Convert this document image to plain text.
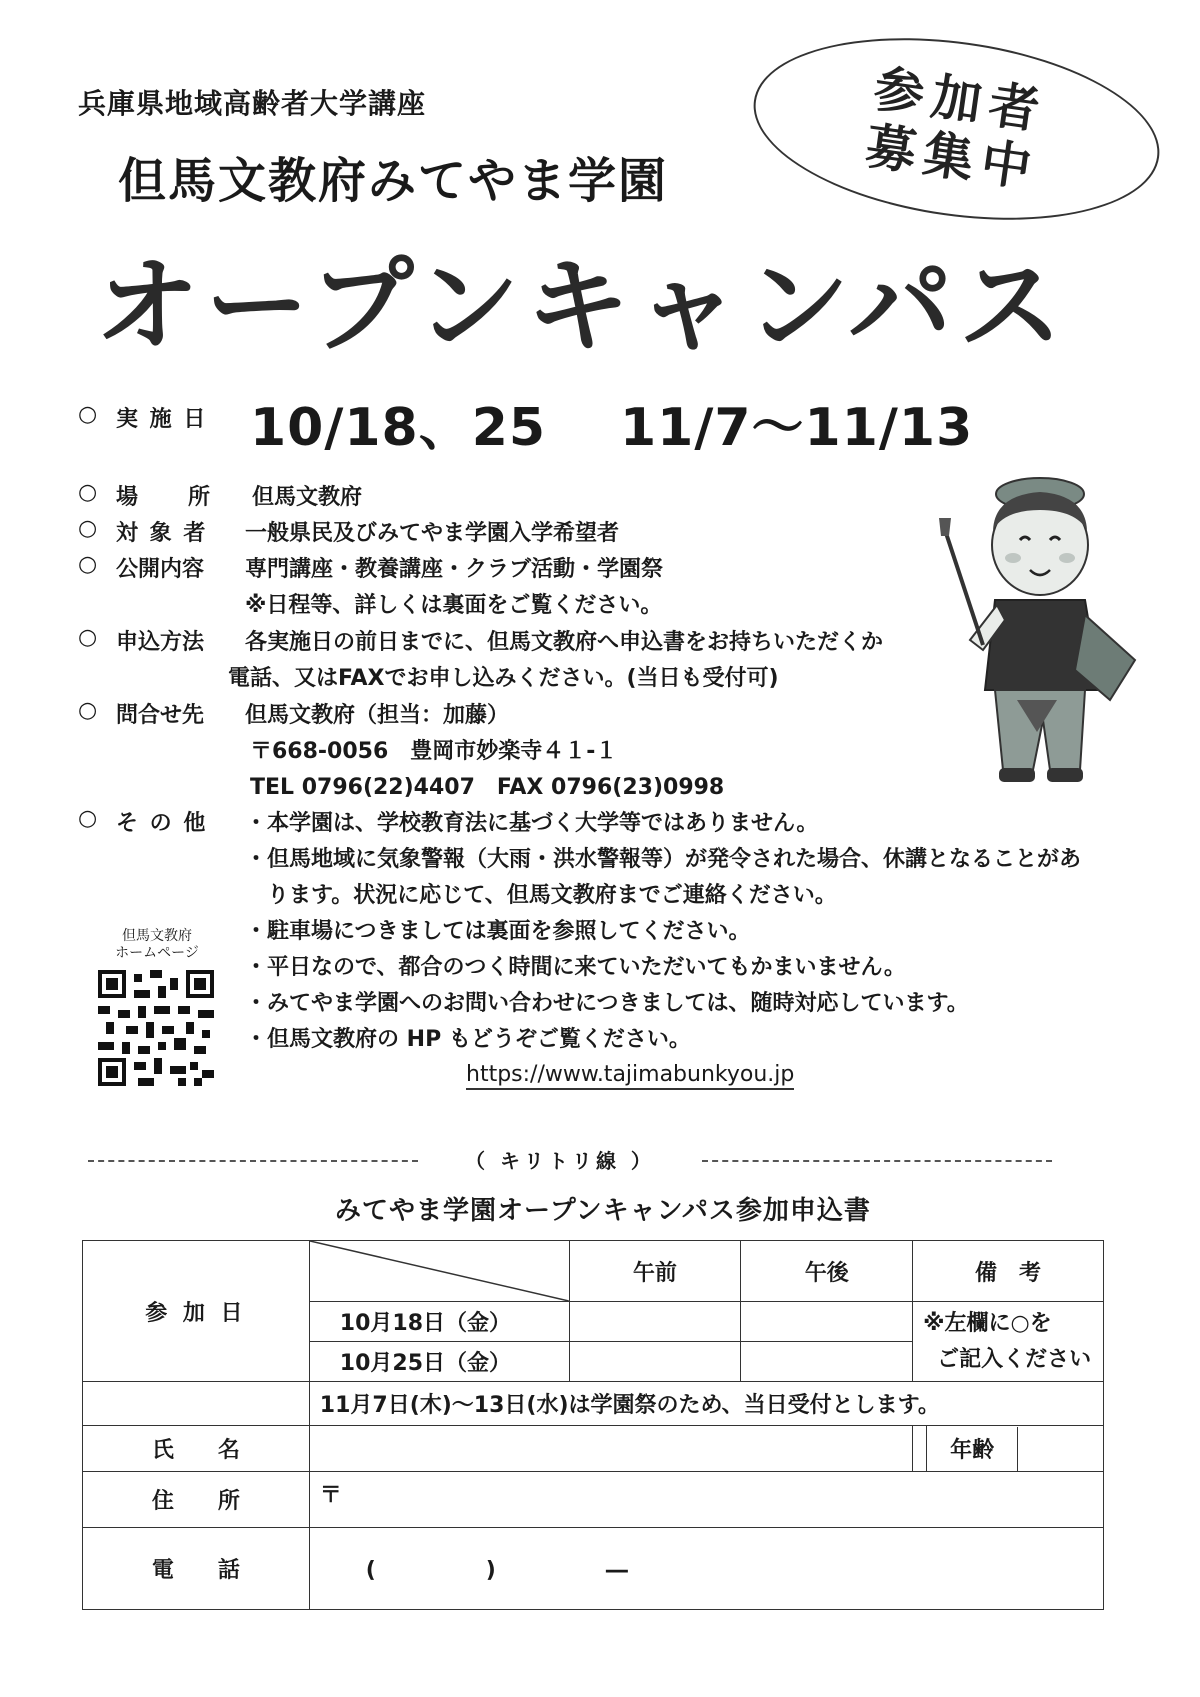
兵庫県地域高齢者大学講座
但馬文教府みてやま学園
オープンキャンパス
参加者
募集中
○ 実 施 日 10/18、25 11/7～11/13
○ 場　　所 但馬文教府
○ 対 象 者 一般県民及びみてやま学園入学希望者
○ 公開内容 専門講座・教養講座・クラブ活動・学園祭
※日程等、詳しくは裏面をご覧ください。
○ 申込方法 各実施日の前日までに、但馬文教府へ申込書をお持ちいただくか
電話、又はFAXでお申し込みください。(当日も受付可)
○ 問合せ先 但馬文教府（担当：加藤）
〒668-0056　豊岡市妙楽寺４１-１
TEL 0796(22)4407　FAX 0796(23)0998
○ そ の 他 ・本学園は、学校教育法に基づく大学等ではありません。
・但馬地域に気象警報（大雨・洪水警報等）が発令された場合、休講となることがあ
　ります。状況に応じて、但馬文教府までご連絡ください。
・駐車場につきましては裏面を参照してください。
・平日なので、都合のつく時間に来ていただいてもかまいません。
・みてやま学園へのお問い合わせにつきましては、随時対応しています。
・但馬文教府の HP もどうぞご覧ください。
https://www.tajimabunkyou.jp
但馬文教府
ホームページ
（ キリトリ線 ）
みてやま学園オープンキャンパス参加申込書
参 加 日		午前	午後	備　考	
	10月18日（金）			※左欄に○を
ご記入ください	

	10月25日（金）				
	11月7日(木)～13日(水)は学園祭のため、当日受付とします。				
氏　　名					年齢

住　　所	〒				
電　　話	(　　　　　)　　　　　―				
